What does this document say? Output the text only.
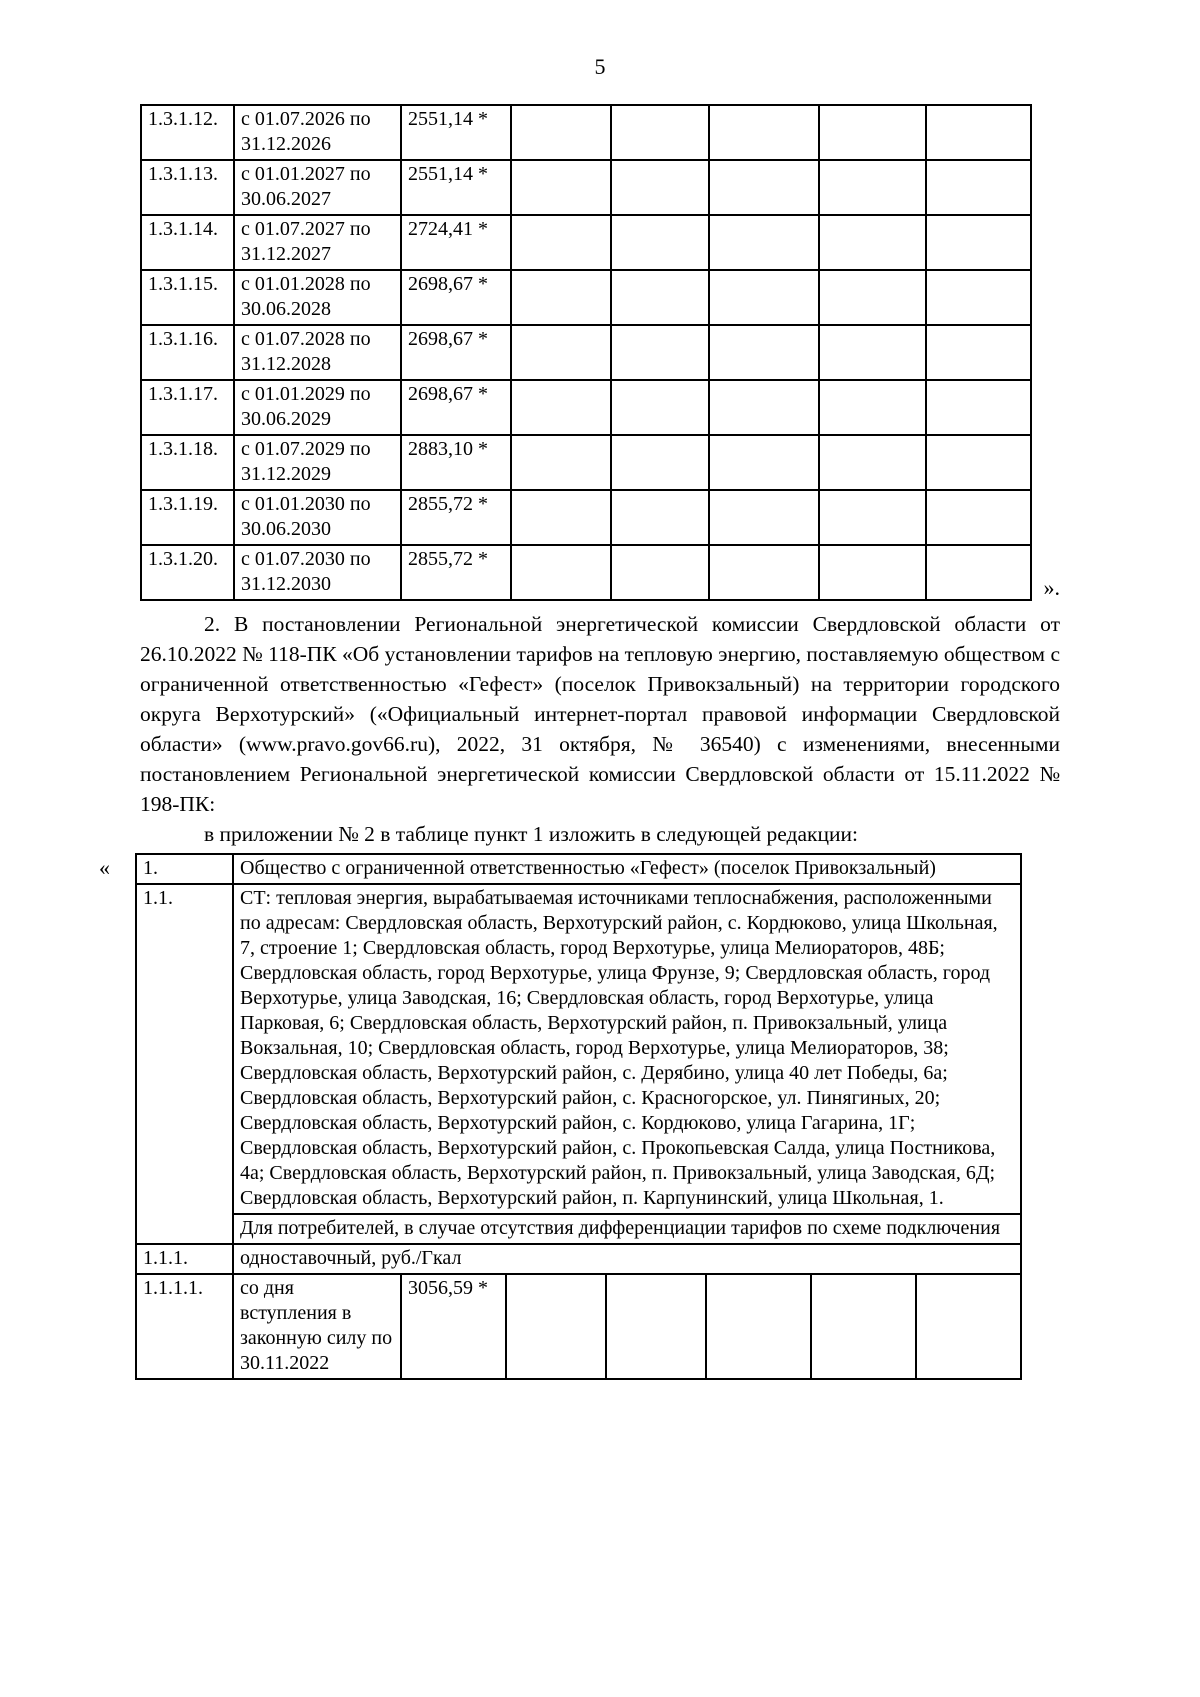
5
1.3.1.12.	с 01.07.2026 по 31.12.2026	2551,14 *					
1.3.1.13.	с 01.01.2027 по 30.06.2027	2551,14 *					
1.3.1.14.	с 01.07.2027 по 31.12.2027	2724,41 *					
1.3.1.15.	с 01.01.2028 по 30.06.2028	2698,67 *					
1.3.1.16.	с 01.07.2028 по 31.12.2028	2698,67 *					
1.3.1.17.	с 01.01.2029 по 30.06.2029	2698,67 *					
1.3.1.18.	с 01.07.2029 по 31.12.2029	2883,10 *					
1.3.1.19.	с 01.01.2030 по 30.06.2030	2855,72 *					
1.3.1.20.	с 01.07.2030 по 31.12.2030	2855,72 *					
».

2. В постановлении Региональной энергетической комиссии Свердловской области от 26.10.2022 № 118-ПК «Об установлении тарифов на тепловую энергию, поставляемую обществом с ограниченной ответственностью «Гефест» (поселок Привокзальный) на территории городского округа Верхотурский» («Официальный интернет-портал правовой информации Свердловской области» (www.pravo.gov66.ru), 2022, 31 октября, № 36540) с изменениями, внесенными постановлением Региональной энергетической комиссии Свердловской области от 15.11.2022 № 198-ПК:

в приложении № 2 в таблице пункт 1 изложить в следующей редакции:

« 1.	Общество с ограниченной ответственностью «Гефест» (поселок Привокзальный)						
1.1.	СТ: тепловая энергия, вырабатываемая источниками теплоснабжения, расположенными по адресам: Свердловская область, Верхотурский район, с. Кордюково, улица Школьная, 7, строение 1; Свердловская область, город Верхотурье, улица Мелиораторов, 48Б; Свердловская область, город Верхотурье, улица Фрунзе, 9; Свердловская область, город Верхотурье, улица Заводская, 16; Свердловская область, город Верхотурье, улица Парковая, 6; Свердловская область, Верхотурский район, п. Привокзальный, улица Вокзальная, 10; Свердловская область, город Верхотурье, улица Мелиораторов, 38; Свердловская область, Верхотурский район, с. Дерябино, улица 40 лет Победы, 6а; Свердловская область, Верхотурский район, с. Красногорское, ул. Пинягиных, 20; Свердловская область, Верхотурский район, с. Кордюково, улица Гагарина, 1Г; Свердловская область, Верхотурский район, с. Прокопьевская Салда, улица Постникова, 4а; Свердловская область, Верхотурский район, п. Привокзальный, улица Заводская, 6Д; Свердловская область, Верхотурский район, п. Карпунинский, улица Школьная, 1.						
	Для потребителей, в случае отсутствия дифференциации тарифов по схеме подключения						
1.1.1.	одноставочный, руб./Гкал						
1.1.1.1.	со дня вступления в законную силу по 30.11.2022	3056,59 *					
